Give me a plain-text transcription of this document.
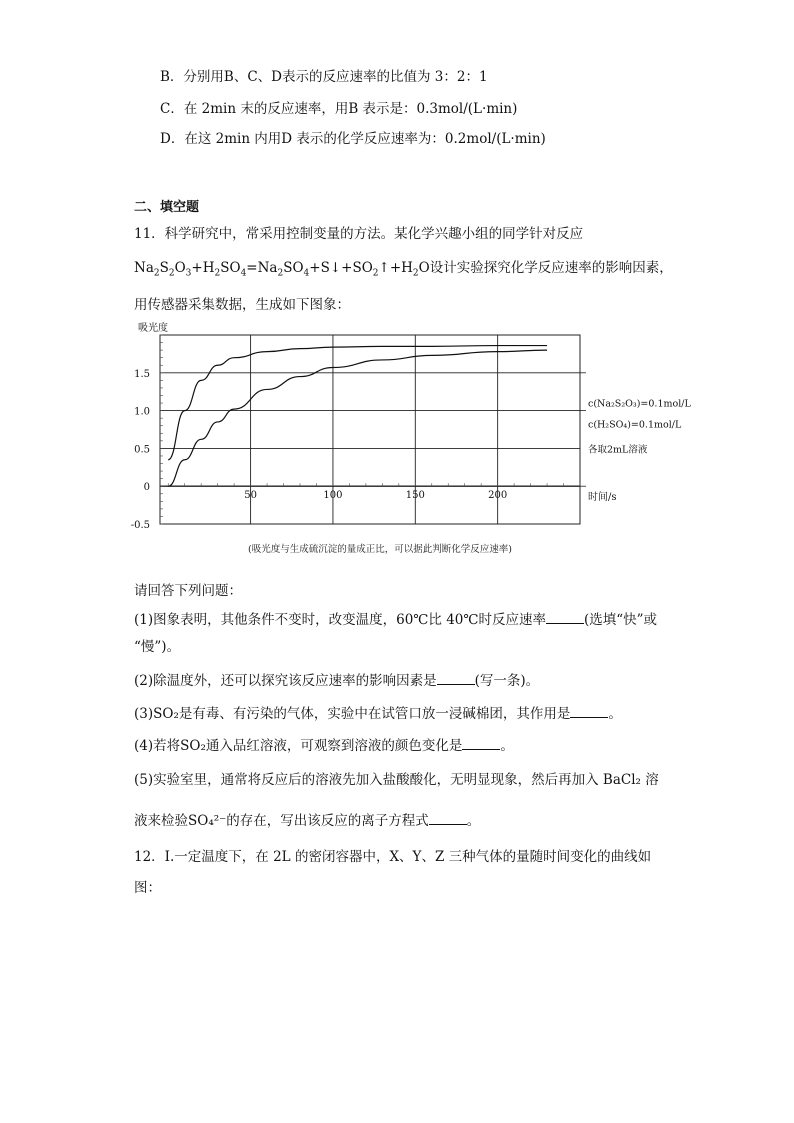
B．分别用B、C、D表示的反应速率的比值为 3：2：1
C．在 2min 末的反应速率，用B 表示是：0.3mol/(L·min)
D．在这 2min 内用D 表示的化学反应速率为：0.2mol/(L·min)
二、填空题
11．科学研究中，常采用控制变量的方法。某化学兴趣小组的同学针对反应
$Na_2S_2O_3+H_2SO_4=Na_2SO_4+S↓+SO_2↑+H_2O$设计实验探究化学反应速率的影响因素，
用传感器采集数据，生成如下图象：
-0.5
0
0.5
1.0
1.5
50	100	150	200
吸光度
时间/s
c(Na₂S₂O₃)=0.1mol/L
c(H₂SO₄)=0.1mol/L
各取2mL溶液
(吸光度与生成硫沉淀的量成正比，可以据此判断化学反应速率)
请回答下列问题：
(1)图象表明，其他条件不变时，改变温度，60℃比 40℃时反应速率	(选填“快”或
“慢”)。
(2)除温度外，还可以探究该反应速率的影响因素是	(写一条)。
(3)SO₂是有毒、有污染的气体，实验中在试管口放一浸碱棉团，其作用是	。
(4)若将SO₂通入品红溶液，可观察到溶液的颜色变化是	。
(5)实验室里，通常将反应后的溶液先加入盐酸酸化，无明显现象，然后再加入 BaCl₂ 溶
液来检验SO₄²⁻的存在，写出该反应的离子方程式	。
12．Ⅰ.一定温度下，在 2L 的密闭容器中，X、Y、Z 三种气体的量随时间变化的曲线如
图：
